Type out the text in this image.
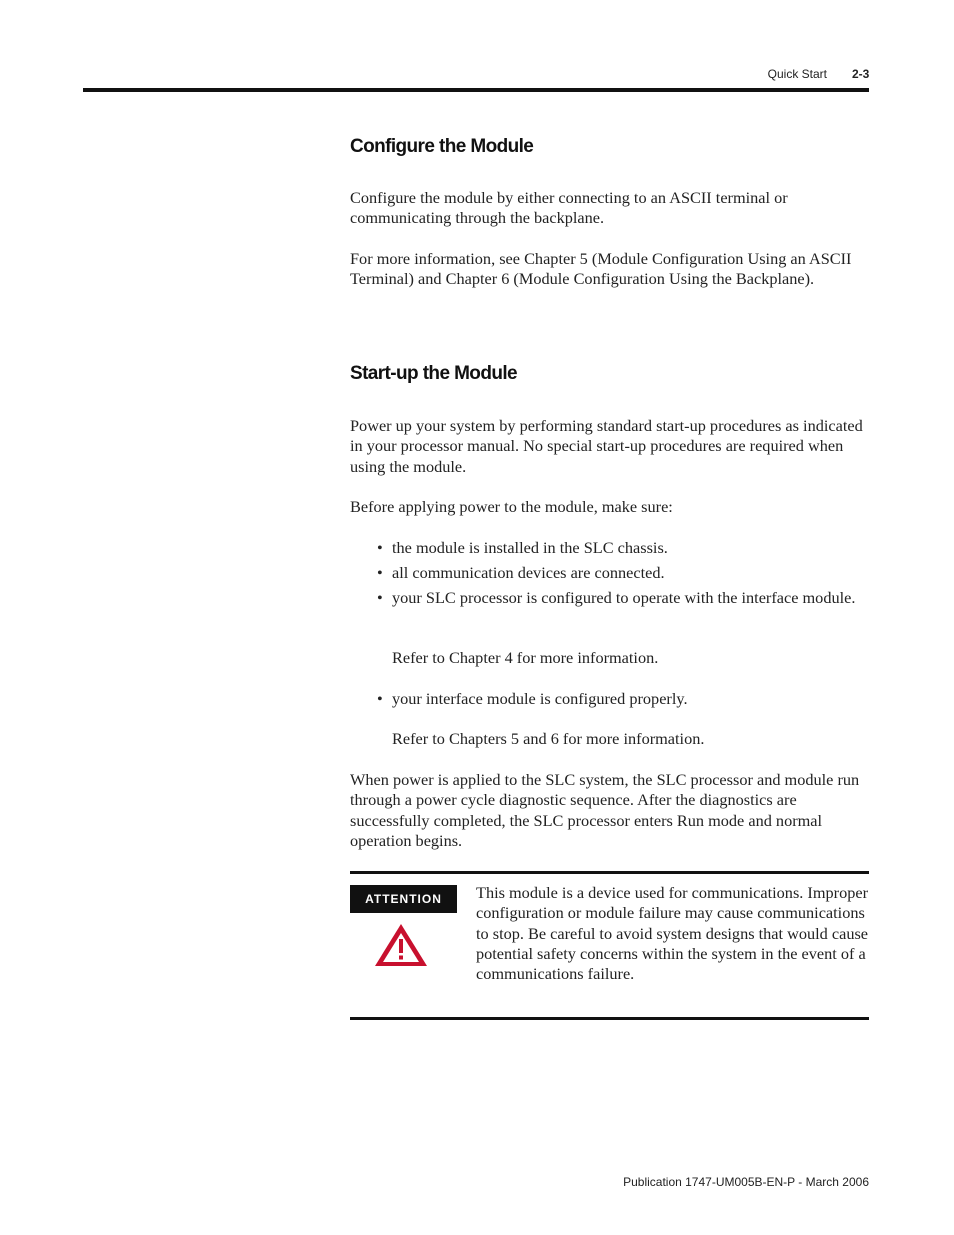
Quick Start 2-3
Configure the Module

Configure the module by either connecting to an ASCII terminal or communicating through the backplane.

For more information, see Chapter 5 (Module Configuration Using an ASCII Terminal) and Chapter 6 (Module Configuration Using the Backplane).

Start-up the Module

Power up your system by performing standard start-up procedures as indicated in your processor manual. No special start-up procedures are required when using the module.

Before applying power to the module, make sure:

• the module is installed in the SLC chassis.

• all communication devices are connected.

• your SLC processor is configured to operate with the interface module.

Refer to Chapter 4 for more information.

• your interface module is configured properly.

Refer to Chapters 5 and 6 for more information.

When power is applied to the SLC system, the SLC processor and module run through a power cycle diagnostic sequence. After the diagnostics are successfully completed, the SLC processor enters Run mode and normal operation begins.

ATTENTION	This module is a device used for communications. Improper configuration or module failure may cause communications to stop. Be careful to avoid system designs that would cause potential safety concerns within the system in the event of a communications failure.

Publication 1747-UM005B-EN-P - March 2006
